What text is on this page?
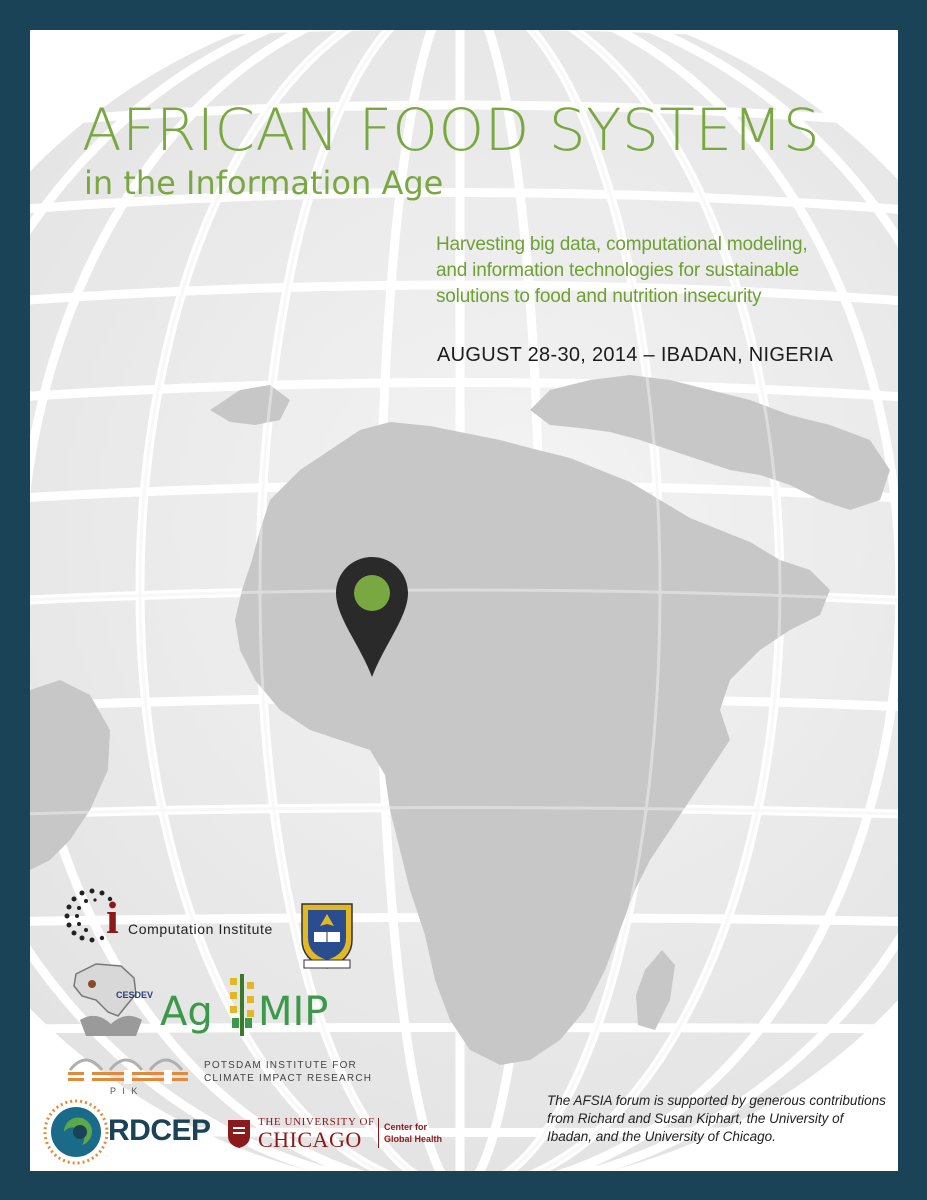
AFRICAN FOOD SYSTEMS
in the Information Age
Harvesting big data, computational modeling,
and information technologies for sustainable
solutions to food and nutrition insecurity
AUGUST 28-30, 2014 – IBADAN, NIGERIA
i Computation Institute
CESDEV Ag MIP
P I K
POTSDAM INSTITUTE FOR
CLIMATE IMPACT RESEARCH
RDCEP	THE UNIVERSITY OF
CHICAGO Center for
Global Health
The AFSIA forum is supported by generous contributions
from Richard and Susan Kiphart, the University of
Ibadan, and the University of Chicago.
